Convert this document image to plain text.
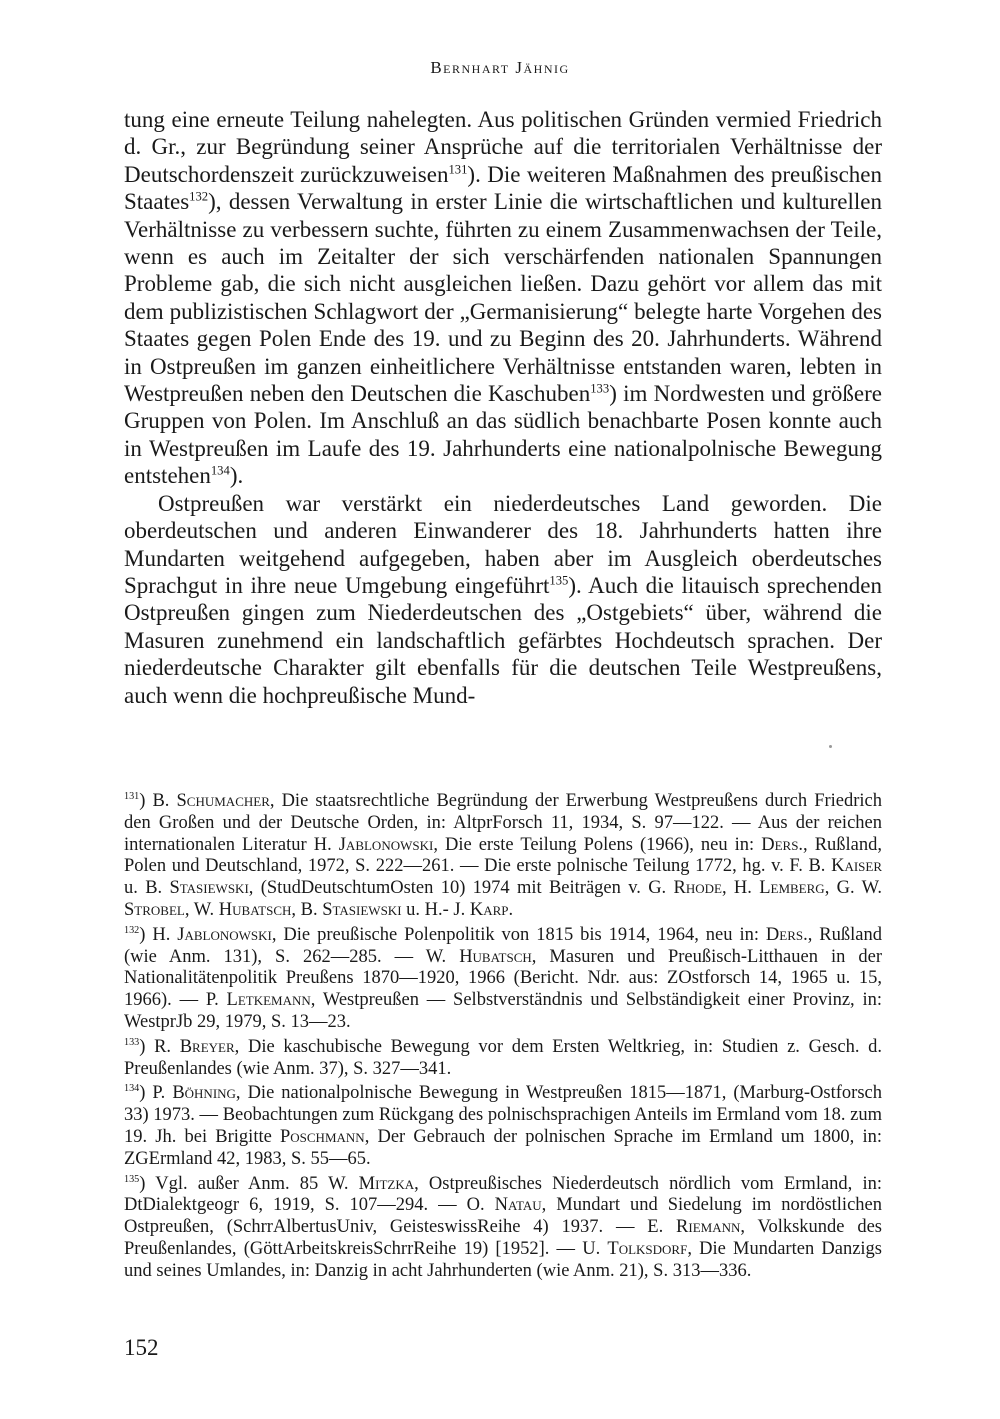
Bernhart Jähnig

tung eine erneute Teilung nahelegten. Aus politischen Gründen vermied Friedrich d. Gr., zur Begründung seiner Ansprüche auf die territorialen Verhältnisse der Deutschordenszeit zurückzuweisen$^{131}$). Die weiteren Maßnahmen des preußischen Staates$^{132}$), dessen Verwaltung in erster Linie die wirtschaftlichen und kulturellen Verhältnisse zu verbessern suchte, führten zu einem Zusammenwachsen der Teile, wenn es auch im Zeitalter der sich verschärfenden nationalen Spannungen Probleme gab, die sich nicht ausgleichen ließen. Dazu gehört vor allem das mit dem publizistischen Schlagwort der „Germanisierung“ belegte harte Vorgehen des Staates gegen Polen Ende des 19. und zu Beginn des 20. Jahrhunderts. Während in Ostpreußen im ganzen einheitlichere Verhältnisse entstanden waren, lebten in Westpreußen neben den Deutschen die Kaschuben$^{133}$) im Nordwesten und größere Gruppen von Polen. Im Anschluß an das südlich benachbarte Posen konnte auch in Westpreußen im Laufe des 19. Jahrhunderts eine nationalpolnische Bewegung entstehen$^{134}$).

Ostpreußen war verstärkt ein niederdeutsches Land geworden. Die oberdeutschen und anderen Einwanderer des 18. Jahrhunderts hatten ihre Mundarten weitgehend aufgegeben, haben aber im Ausgleich oberdeutsches Sprachgut in ihre neue Umgebung eingeführt$^{135}$). Auch die litauisch sprechenden Ostpreußen gingen zum Niederdeutschen des „Ostgebiets“ über, während die Masuren zunehmend ein landschaftlich gefärbtes Hochdeutsch sprachen. Der niederdeutsche Charakter gilt ebenfalls für die deutschen Teile Westpreußens, auch wenn die hochpreußische Mund-

$^{131}$) B. Schumacher, Die staatsrechtliche Begründung der Erwerbung Westpreußens durch Friedrich den Großen und der Deutsche Orden, in: AltprForsch 11, 1934, S. 97—122. — Aus der reichen internationalen Literatur H. Jablonowski, Die erste Teilung Polens (1966), neu in: Ders., Rußland, Polen und Deutschland, 1972, S. 222—261. — Die erste polnische Teilung 1772, hg. v. F. B. Kaiser u. B. Stasiewski, (StudDeutschtumOsten 10) 1974 mit Beiträgen v. G. Rhode, H. Lemberg, G. W. Strobel, W. Hubatsch, B. Stasiewski u. H.- J. Karp.

$^{132}$) H. Jablonowski, Die preußische Polenpolitik von 1815 bis 1914, 1964, neu in: Ders., Rußland (wie Anm. 131), S. 262—285. — W. Hubatsch, Masuren und Preußisch-Litthauen in der Nationalitätenpolitik Preußens 1870—1920, 1966 (Bericht. Ndr. aus: ZOstforsch 14, 1965 u. 15, 1966). — P. Letkemann, Westpreußen — Selbstverständnis und Selbständigkeit einer Provinz, in: WestprJb 29, 1979, S. 13—23.

$^{133}$) R. Breyer, Die kaschubische Bewegung vor dem Ersten Weltkrieg, in: Studien z. Gesch. d. Preußenlandes (wie Anm. 37), S. 327—341.

$^{134}$) P. Böhning, Die nationalpolnische Bewegung in Westpreußen 1815—1871, (Marburg-Ostforsch 33) 1973. — Beobachtungen zum Rückgang des polnischsprachigen Anteils im Ermland vom 18. zum 19. Jh. bei Brigitte Poschmann, Der Gebrauch der polnischen Sprache im Ermland um 1800, in: ZGErmland 42, 1983, S. 55—65.

$^{135}$) Vgl. außer Anm. 85 W. Mitzka, Ostpreußisches Niederdeutsch nördlich vom Ermland, in: DtDialektgeogr 6, 1919, S. 107—294. — O. Natau, Mundart und Siedelung im nordöstlichen Ostpreußen, (SchrrAlbertusUniv, GeisteswissReihe 4) 1937. — E. Riemann, Volkskunde des Preußenlandes, (GöttArbeitskreisSchrrReihe 19) [1952]. — U. Tolksdorf, Die Mundarten Danzigs und seines Umlandes, in: Danzig in acht Jahrhunderten (wie Anm. 21), S. 313—336.

152
